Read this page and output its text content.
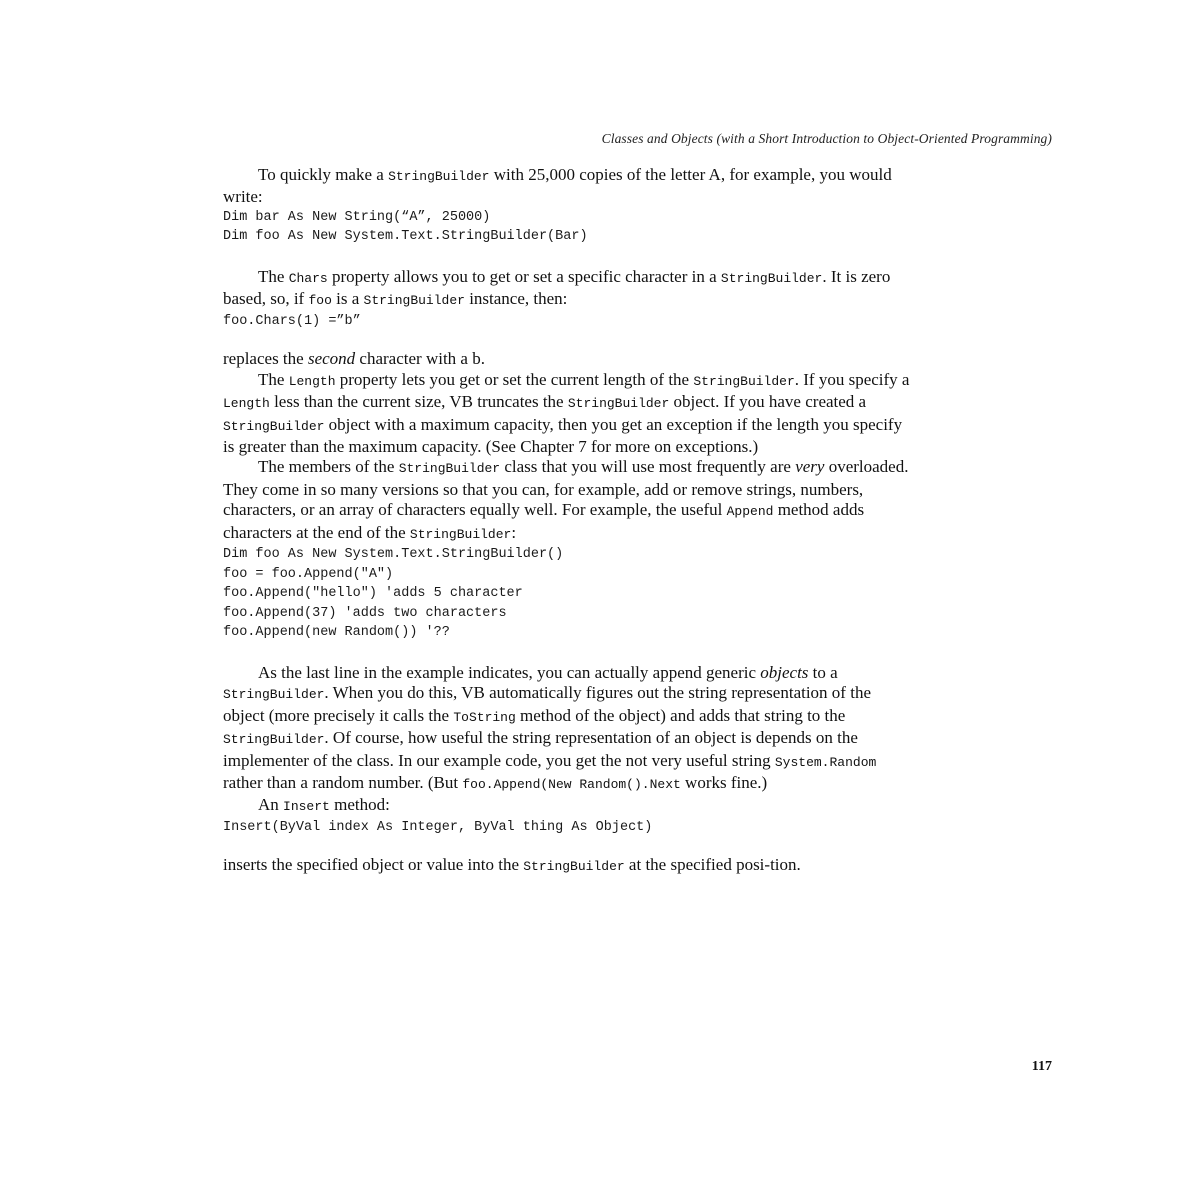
Classes and Objects (with a Short Introduction to Object-Oriented Programming)

To quickly make a StringBuilder with 25,000 copies of the letter A, for example, you would write:

Dim bar As New String(“A”, 25000)
Dim foo As New System.Text.StringBuilder(Bar)

The Chars property allows you to get or set a specific character in a StringBuilder. It is zero based, so, if foo is a StringBuilder instance, then:

foo.Chars(1) =”b”

replaces the second character with a b.

The Length property lets you get or set the current length of the StringBuilder. If you specify a Length less than the current size, VB truncates the StringBuilder object. If you have created a StringBuilder object with a maximum capacity, then you get an exception if the length you specify is greater than the maximum capacity. (See Chapter 7 for more on exceptions.)

The members of the StringBuilder class that you will use most frequently are very overloaded. They come in so many versions so that you can, for example, add or remove strings, numbers, characters, or an array of characters equally well. For example, the useful Append method adds characters at the end of the StringBuilder:

Dim foo As New System.Text.StringBuilder()
foo = foo.Append("A")
foo.Append("hello") 'adds 5 character
foo.Append(37) 'adds two characters
foo.Append(new Random()) '??

As the last line in the example indicates, you can actually append generic objects to a StringBuilder. When you do this, VB automatically figures out the string representation of the object (more precisely it calls the ToString method of the object) and adds that string to the StringBuilder. Of course, how useful the string representation of an object is depends on the implementer of the class. In our example code, you get the not very useful string System.Random rather than a random number. (But foo.Append(New Random().Next works fine.)

An Insert method:

Insert(ByVal index As Integer, ByVal thing As Object)

inserts the specified object or value into the StringBuilder at the specified posi-tion.

117
